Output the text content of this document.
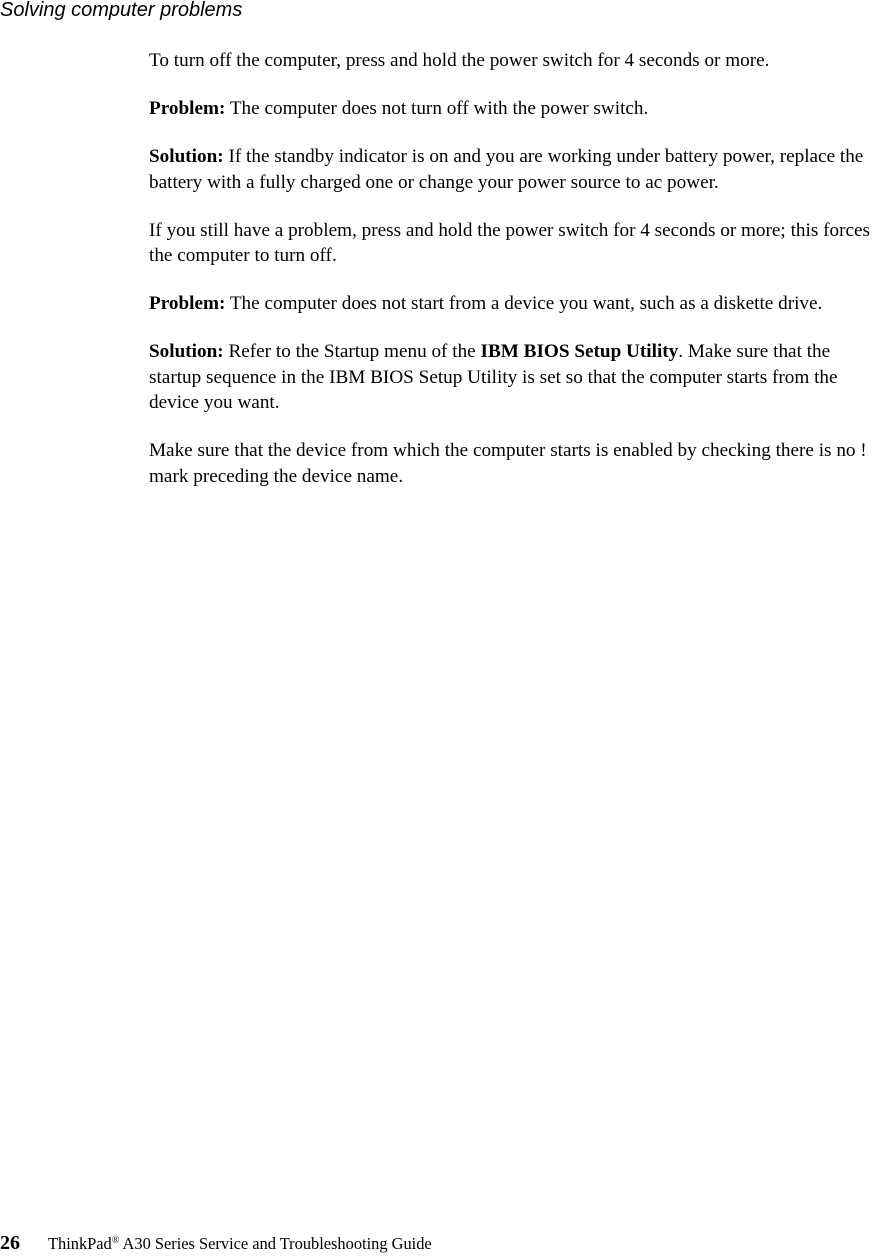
Solving computer problems

To turn off the computer, press and hold the power switch for 4 seconds or more.

Problem: The computer does not turn off with the power switch.

Solution: If the standby indicator is on and you are working under battery power, replace the battery with a fully charged one or change your power source to ac power.

If you still have a problem, press and hold the power switch for 4 seconds or more; this forces the computer to turn off.

Problem: The computer does not start from a device you want, such as a diskette drive.

Solution: Refer to the Startup menu of the IBM BIOS Setup Utility. Make sure that the startup sequence in the IBM BIOS Setup Utility is set so that the computer starts from the device you want.

Make sure that the device from which the computer starts is enabled by checking there is no ! mark preceding the device name.

26 ThinkPad® A30 Series Service and Troubleshooting Guide
